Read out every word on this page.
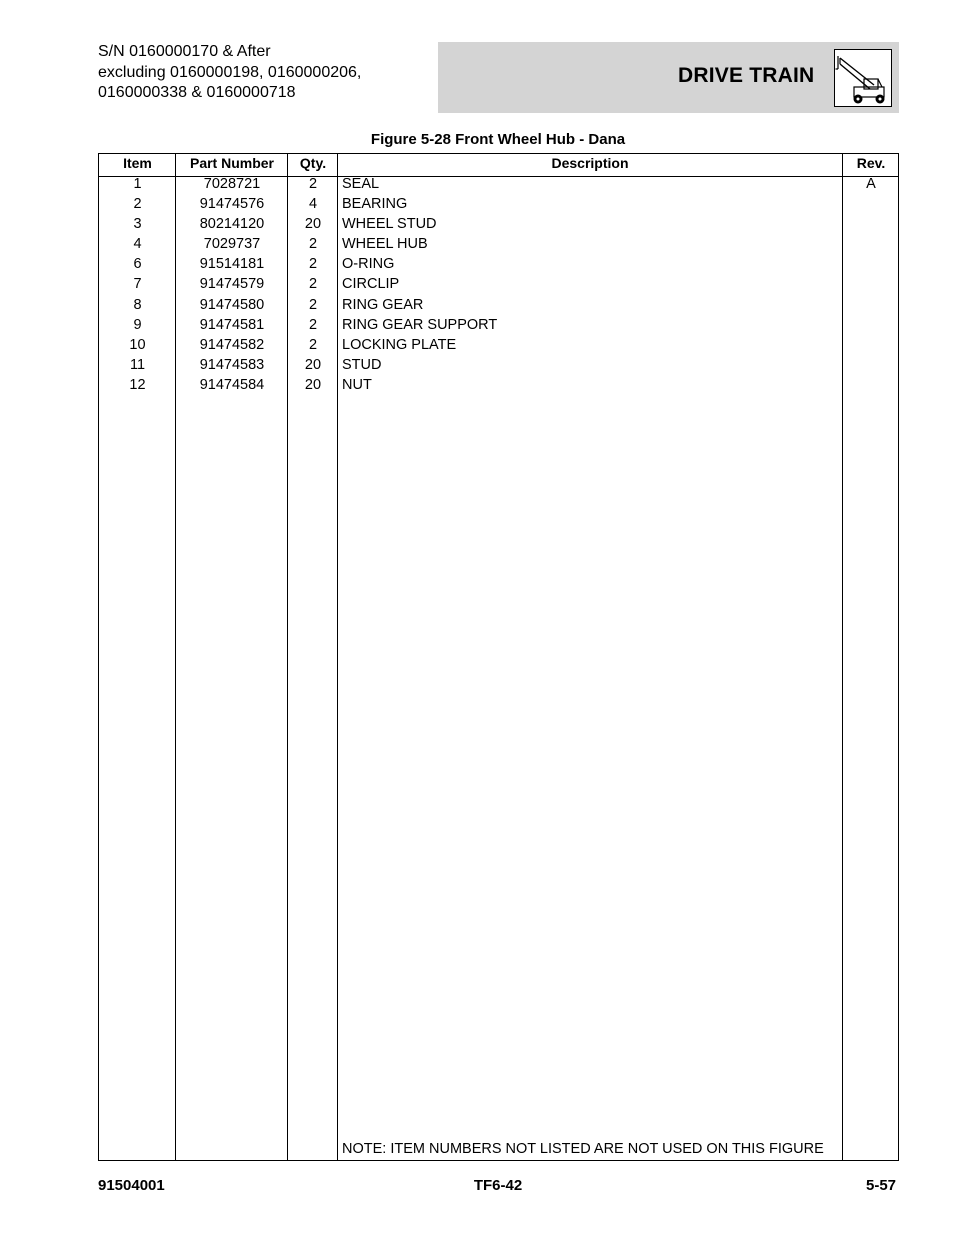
S/N 0160000170 & After
excluding 0160000198, 0160000206,
0160000338 & 0160000718
DRIVE TRAIN
Figure 5-28 Front Wheel Hub - Dana
Item	Part Number	Qty.	Description	Rev.
1	7028721	2	SEAL	A
2	91474576	4	BEARING
3	80214120	20	WHEEL STUD
4	7029737	2	WHEEL HUB
6	91514181	2	O-RING
7	91474579	2	CIRCLIP
8	91474580	2	RING GEAR
9	91474581	2	RING GEAR SUPPORT
10	91474582	2	LOCKING PLATE
11	91474583	20	STUD
12	91474584	20	NUT
NOTE: ITEM NUMBERS NOT LISTED ARE NOT USED ON THIS FIGURE
91504001	TF6-42	5-57
